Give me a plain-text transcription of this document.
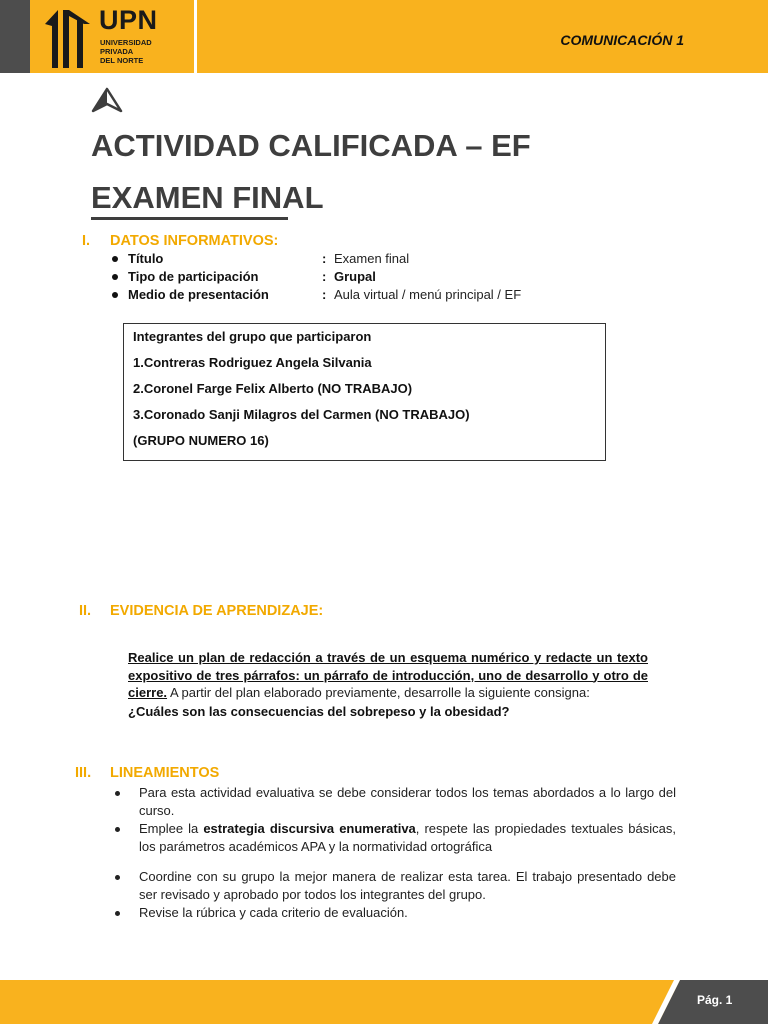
UPN
UNIVERSIDAD
PRIVADA
DEL NORTE
COMUNICACIÓN 1
ACTIVIDAD CALIFICADA – EF
EXAMEN FINAL
I. DATOS INFORMATIVOS:
Título	: Examen final
Tipo de participación	: Grupal
Medio de presentación	: Aula virtual / menú principal / EF
Integrantes del grupo que participaron
1.Contreras Rodriguez Angela Silvania
2.Coronel Farge Felix Alberto (NO TRABAJO)
3.Coronado Sanji Milagros del Carmen (NO TRABAJO)
(GRUPO NUMERO 16)
II. EVIDENCIA DE APRENDIZAJE:
Realice un plan de redacción a través de un esquema numérico y redacte un texto expositivo de tres párrafos: un párrafo de introducción, uno de desarrollo y otro de cierre. A partir del plan elaborado previamente, desarrolle la siguiente consigna:
¿Cuáles son las consecuencias del sobrepeso y la obesidad?
III. LINEAMIENTOS
Para esta actividad evaluativa se debe considerar todos los temas abordados a lo largo del curso.
Emplee la estrategia discursiva enumerativa, respete las propiedades textuales básicas, los parámetros académicos APA y la normatividad ortográfica
Coordine con su grupo la mejor manera de realizar esta tarea. El trabajo presentado debe ser revisado y aprobado por todos los integrantes del grupo.
Revise la rúbrica y cada criterio de evaluación.
Pág. 1
